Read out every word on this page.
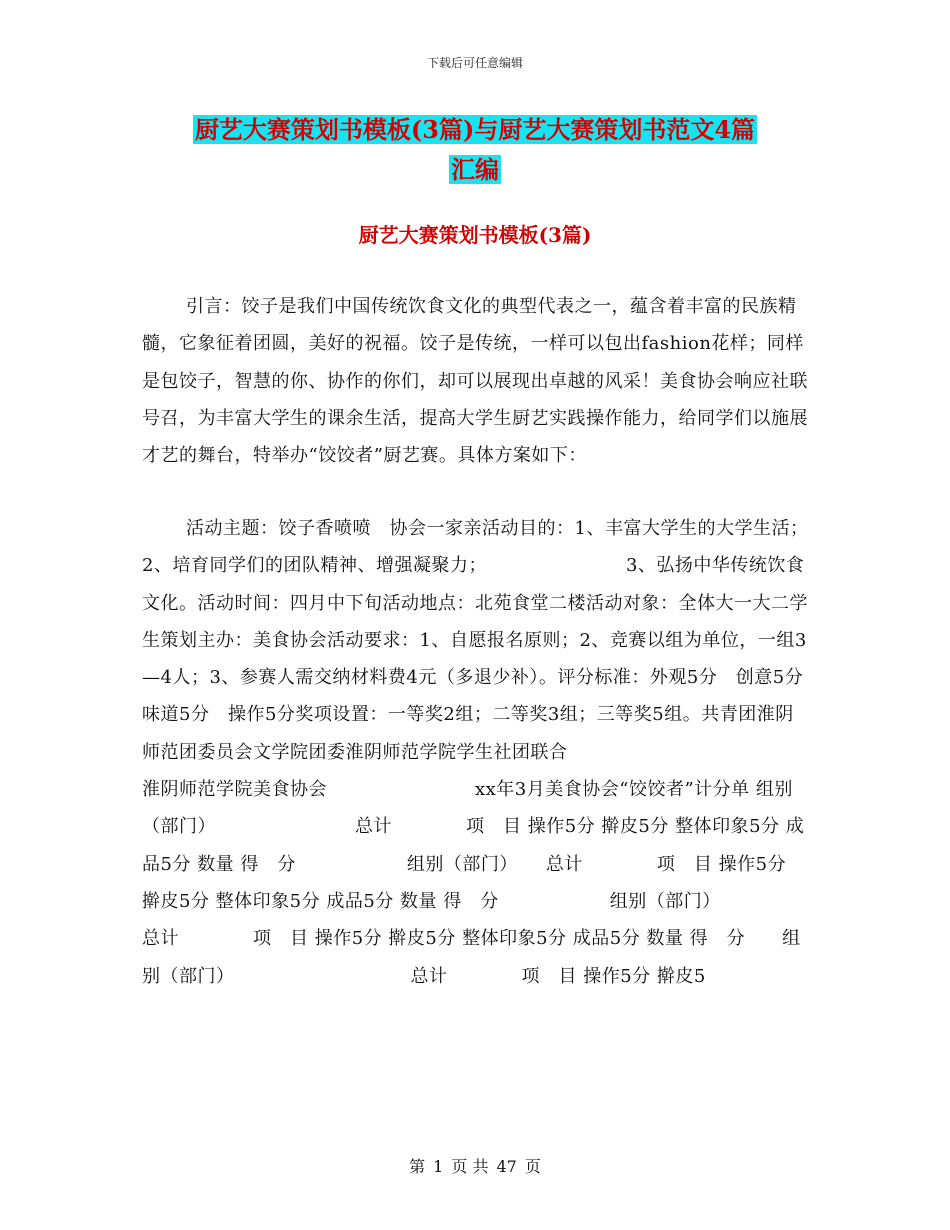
下载后可任意编辑
厨艺大赛策划书模板(3篇)与厨艺大赛策划书范文4篇
汇编
厨艺大赛策划书模板(3篇)
引言：饺子是我们中国传统饮食文化的典型代表之一，蕴含着丰富的民族精髓，它象征着团圆，美好的祝福。饺子是传统，一样可以包出fashion花样；同样是包饺子，智慧的你、协作的你们，却可以展现出卓越的风采！美食协会响应社联号召，为丰富大学生的课余生活，提高大学生厨艺实践操作能力，给同学们以施展才艺的舞台，特举办“饺饺者”厨艺赛。具体方案如下：
活动主题：饺子香喷喷　协会一家亲活动目的：1、丰富大学生的大学生活；　　　　　　2、培育同学们的团队精神、增强凝聚力；　　　　　　　　3、弘扬中华传统饮食文化。活动时间：四月中下旬活动地点：北苑食堂二楼活动对象：全体大一大二学生策划主办：美食协会活动要求：1、自愿报名原则；2、竞赛以组为单位，一组3—4人；3、参赛人需交纳材料费4元（多退少补）。评分标准：外观5分　创意5分　味道5分　操作5分奖项设置：一等奖2组；二等奖3组；三等奖5组。共青团淮阴师范团委员会文学院团委淮阴师范学院学生社团联合　　　　　　　　　　　　　　　淮阴师范学院美食协会　　　　　　　　xx年3月美食协会“饺饺者”计分单 组别（部门）　　　　　　　　总计　　　　项　目 操作5分 擀皮5分 整体印象5分 成品5分 数量 得　分　　　　　　组别（部门）　　总计　　　　项　目 操作5分 擀皮5分 整体印象5分 成品5分 数量 得　分　　　　　　组别（部门）　　　　　　　　　总计　　　　项　目 操作5分 擀皮5分 整体印象5分 成品5分 数量 得　分　　组别（部门）　　　　　　　　　　总计　　　　项　目 操作5分 擀皮5
第 1 页 共 47 页
